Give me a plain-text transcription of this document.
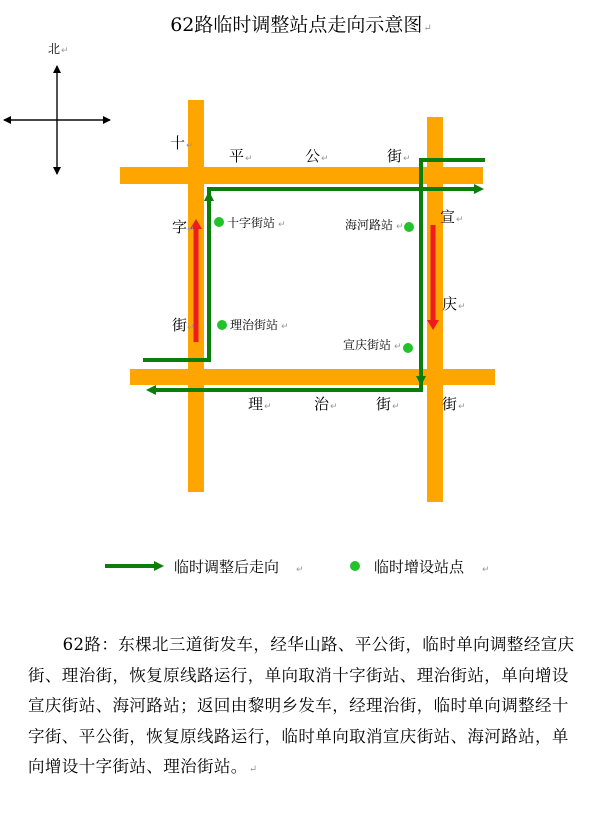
62路临时调整站点走向示意图↵
北 ↵
十 ↵
字 ↵
街 ↵
平 ↵	公 ↵	街 ↵
宣 ↵
庆 ↵
理 ↵	治 ↵	街 ↵	街 ↵
十字街站 ↵
理治街站 ↵
海河路站 ↵
宣庆街站 ↵
临时调整后走向 ↵	临时增设站点 ↵
62路：东棵北三道街发车，经华山路、平公街，临时单向调整经宣庆街、理治街，恢复原线路运行，单向取消十字街站、理治街站，单向增设宣庆街站、海河路站；返回由黎明乡发车，经理治街，临时单向调整经十字街、平公街，恢复原线路运行，临时单向取消宣庆街站、海河路站，单向增设十字街站、理治街站。↵
